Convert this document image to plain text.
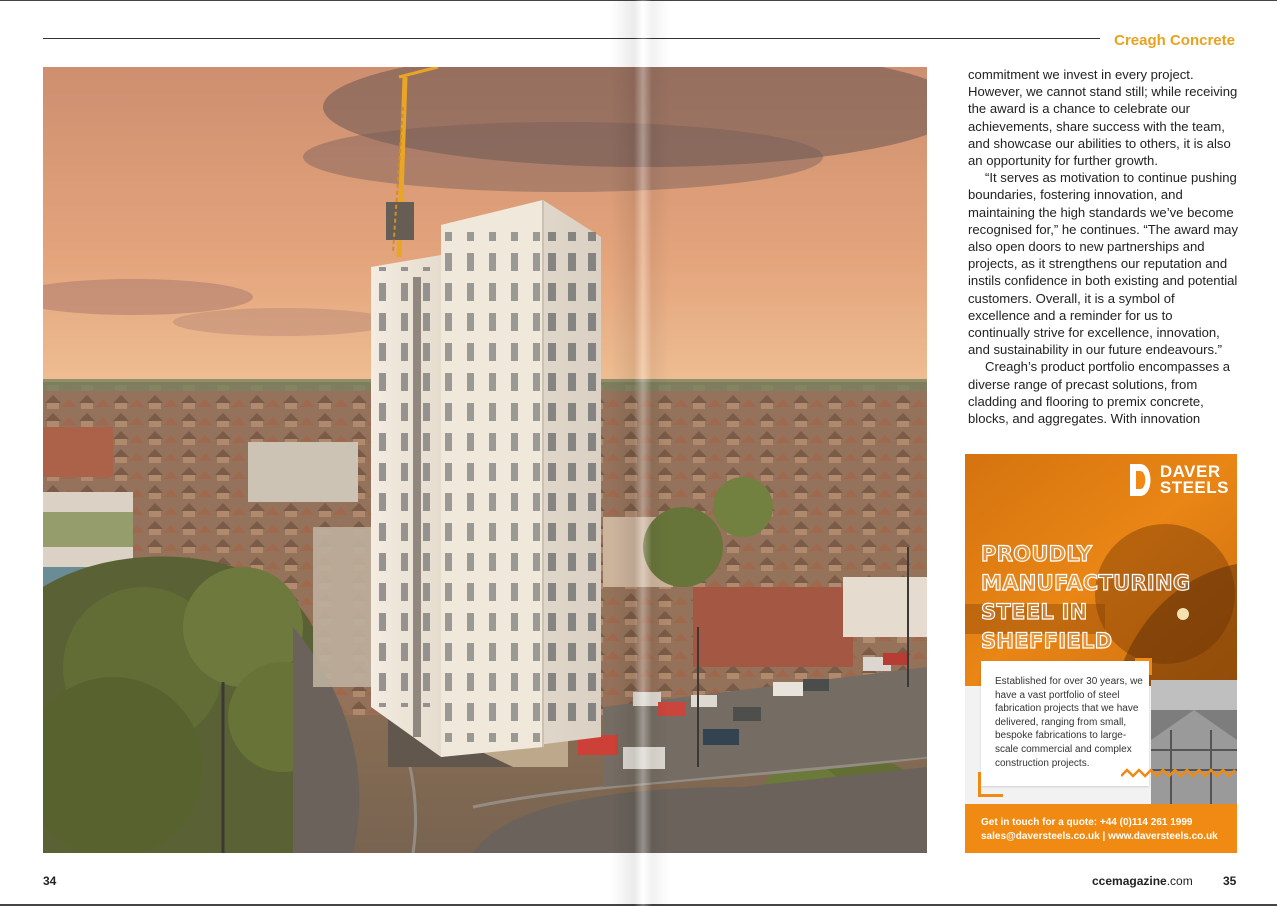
Creagh Concrete

commitment we invest in every project. However, we cannot stand still; while receiving the award is a chance to celebrate our achievements, share success with the team, and showcase our abilities to others, it is also an opportunity for further growth.

“It serves as motivation to continue pushing boundaries, fostering innovation, and maintaining the high standards we’ve become recognised for,” he continues. “The award may also open doors to new partnerships and projects, as it strengthens our reputation and instils confidence in both existing and potential customers. Overall, it is a symbol of excellence and a reminder for us to continually strive for excellence, innovation, and sustainability in our future endeavours.”

Creagh’s product portfolio encompasses a diverse range of precast solutions, from cladding and flooring to premix concrete, blocks, and aggregates. With innovation

DAVER
STEELS
PROUDLY
MANUFACTURING
STEEL IN
SHEFFIELD
Established for over 30 years, we have a vast portfolio of steel fabrication projects that we have delivered, ranging from small, bespoke fabrications to large-scale commercial and complex construction projects.
Get in touch for a quote: +44 (0)114 261 1999
sales@daversteels.co.uk | www.daversteels.co.uk
34	ccemagazine.com	35
